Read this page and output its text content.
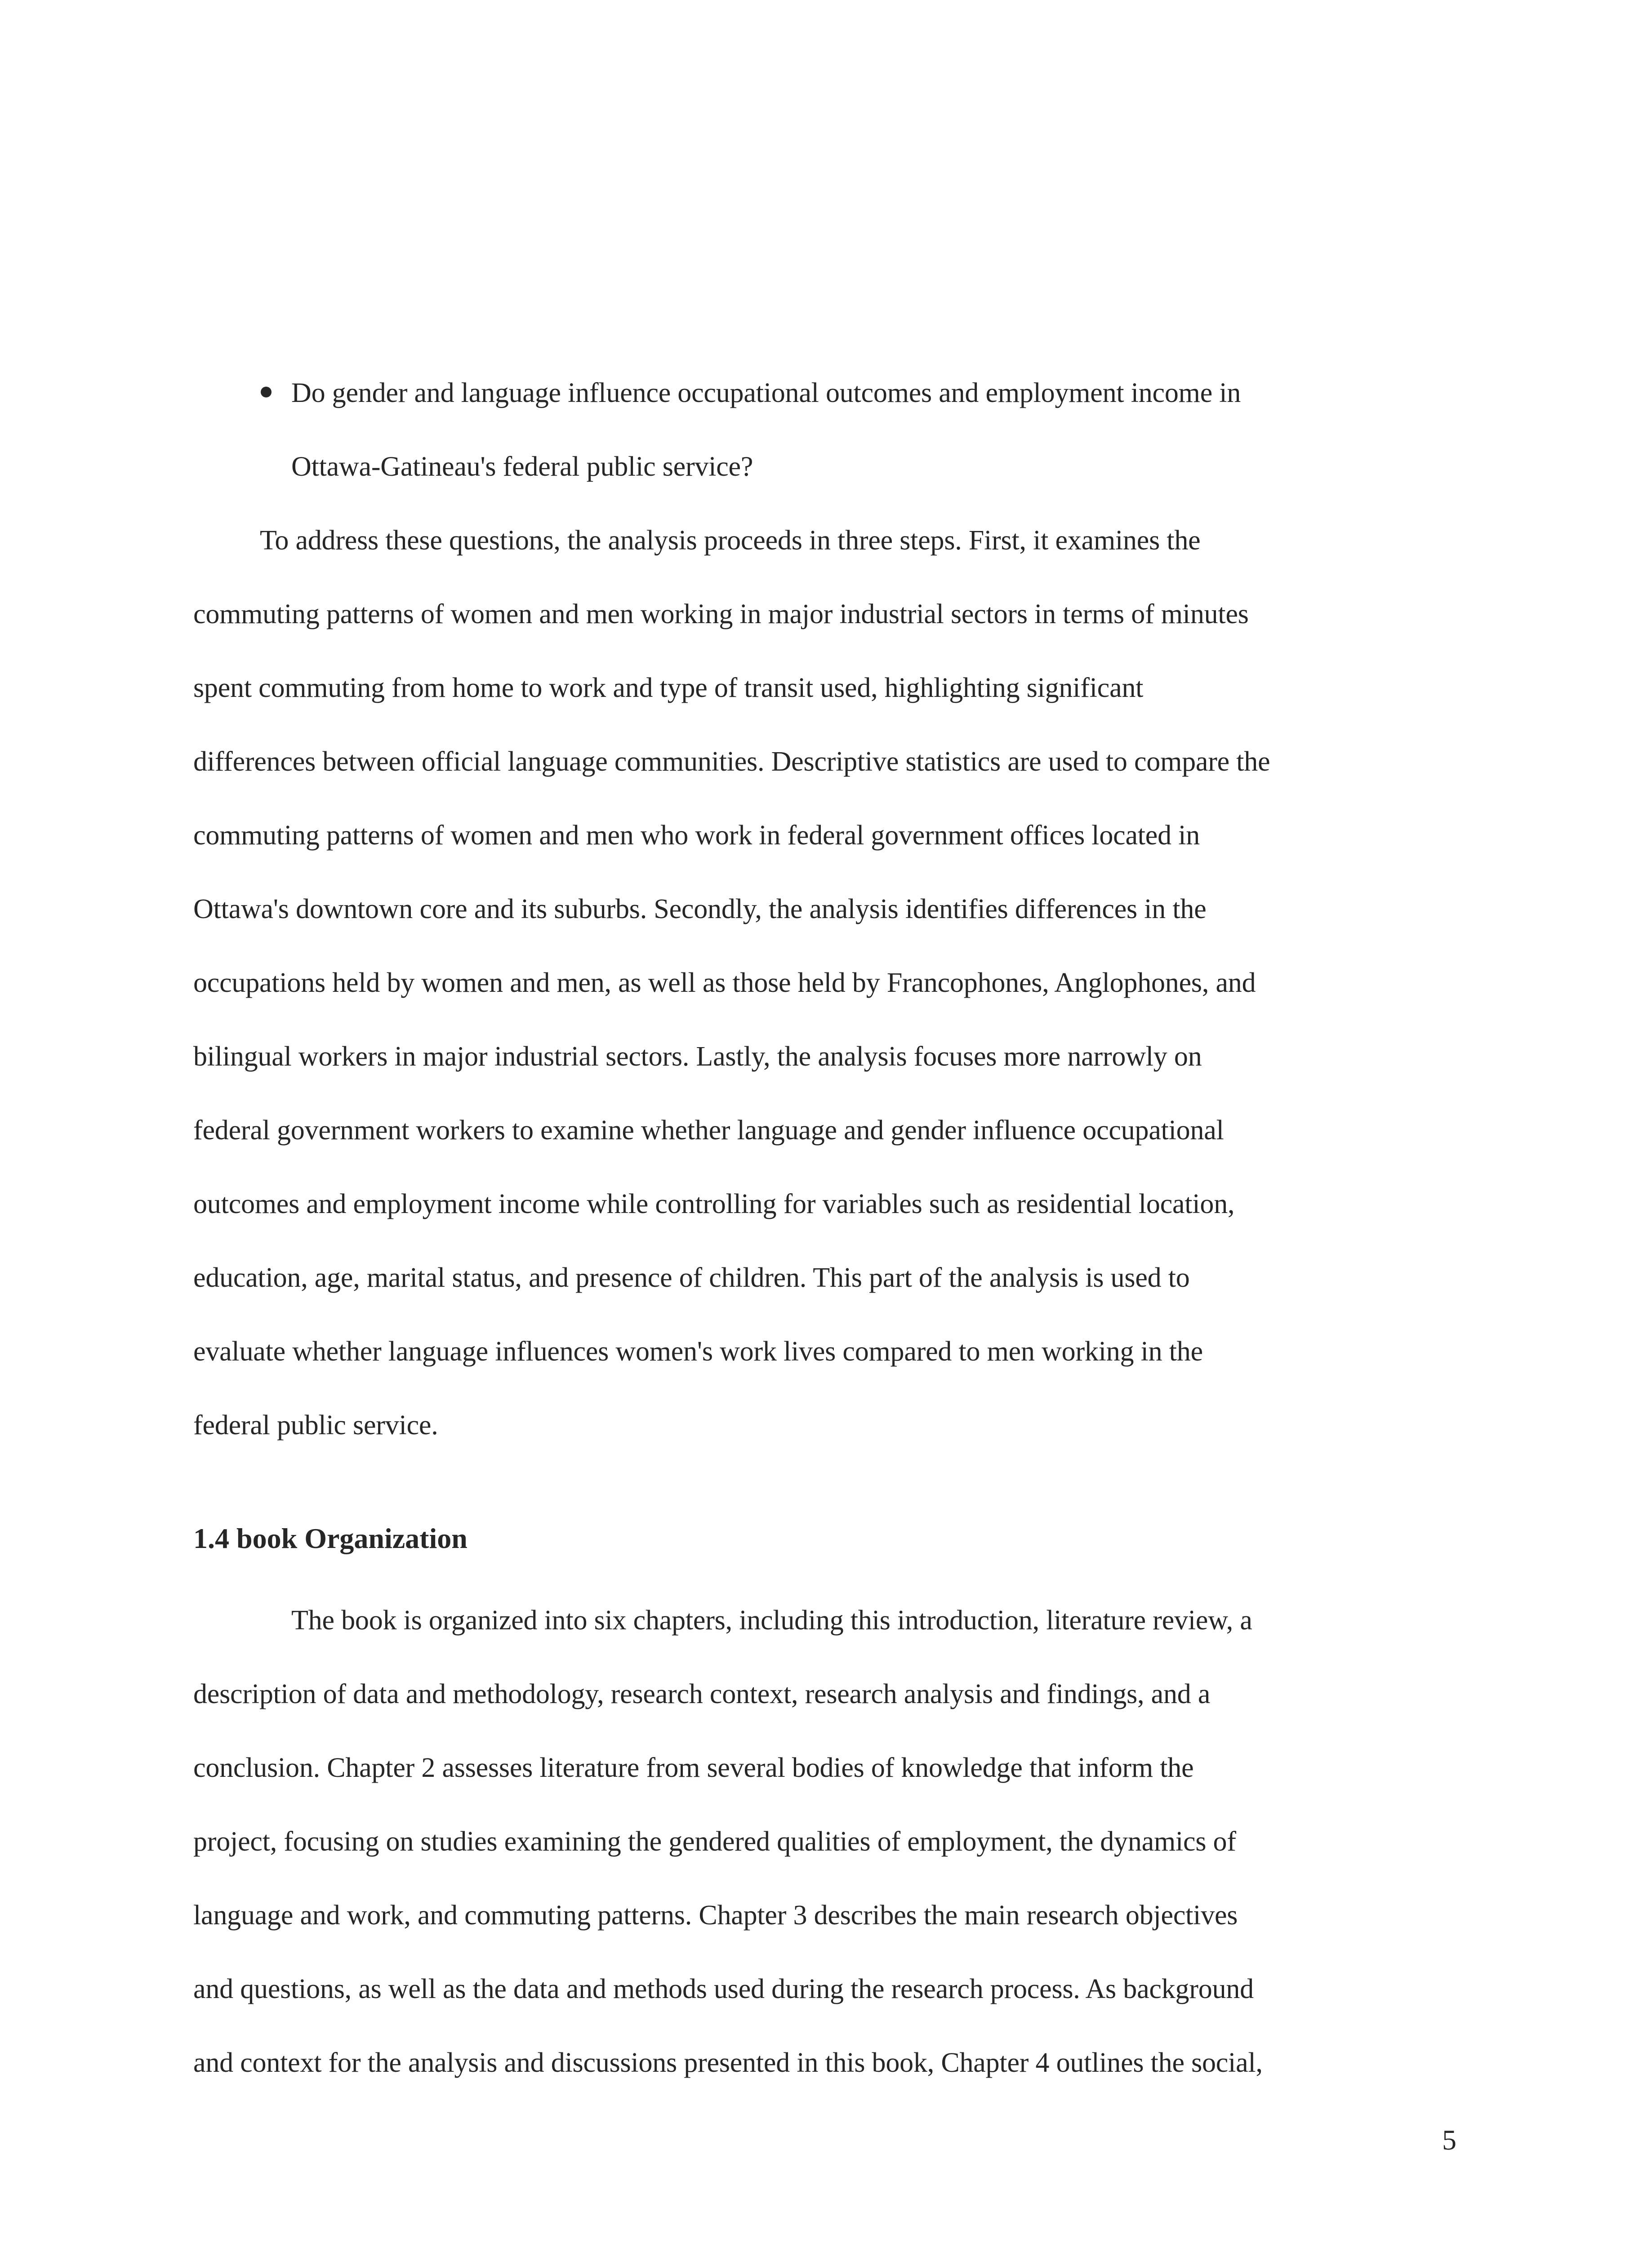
Do gender and language influence occupational outcomes and employment income in
Ottawa-Gatineau's federal public service?
To address these questions, the analysis proceeds in three steps. First, it examines the
commuting patterns of women and men working in major industrial sectors in terms of minutes
spent commuting from home to work and type of transit used, highlighting significant
differences between official language communities. Descriptive statistics are used to compare the
commuting patterns of women and men who work in federal government offices located in
Ottawa's downtown core and its suburbs. Secondly, the analysis identifies differences in the
occupations held by women and men, as well as those held by Francophones, Anglophones, and
bilingual workers in major industrial sectors. Lastly, the analysis focuses more narrowly on
federal government workers to examine whether language and gender influence occupational
outcomes and employment income while controlling for variables such as residential location,
education, age, marital status, and presence of children. This part of the analysis is used to
evaluate whether language influences women's work lives compared to men working in the
federal public service.
1.4 book Organization
The book is organized into six chapters, including this introduction, literature review, a
description of data and methodology, research context, research analysis and findings, and a
conclusion. Chapter 2 assesses literature from several bodies of knowledge that inform the
project, focusing on studies examining the gendered qualities of employment, the dynamics of
language and work, and commuting patterns. Chapter 3 describes the main research objectives
and questions, as well as the data and methods used during the research process. As background
and context for the analysis and discussions presented in this book, Chapter 4 outlines the social,
5
